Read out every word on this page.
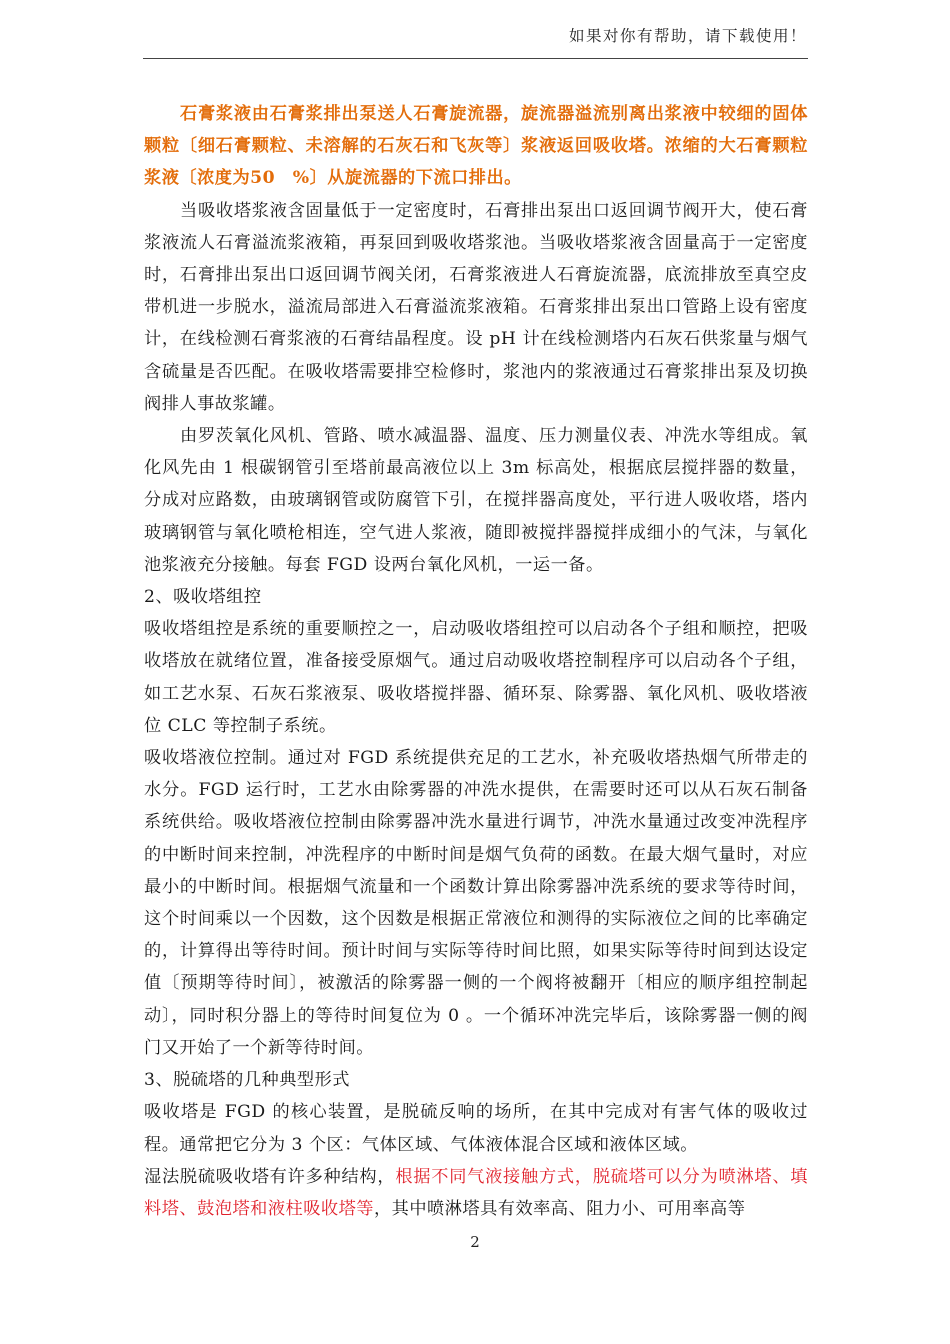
如果对你有帮助，请下载使用！

石膏浆液由石膏浆排出泵送人石膏旋流器，旋流器溢流别离出浆液中较细的固体颗粒〔细石膏颗粒、未溶解的石灰石和飞灰等〕浆液返回吸收塔。浓缩的大石膏颗粒浆液〔浓度为50　%〕从旋流器的下流口排出。

当吸收塔浆液含固量低于一定密度时，石膏排出泵出口返回调节阀开大，使石膏浆液流人石膏溢流浆液箱，再泵回到吸收塔浆池。当吸收塔浆液含固量高于一定密度时，石膏排出泵出口返回调节阀关闭，石膏浆液进人石膏旋流器，底流排放至真空皮带机进一步脱水，溢流局部进入石膏溢流浆液箱。石膏浆排出泵出口管路上设有密度计，在线检测石膏浆液的石膏结晶程度。设 pH 计在线检测塔内石灰石供浆量与烟气含硫量是否匹配。在吸收塔需要排空检修时，浆池内的浆液通过石膏浆排出泵及切换阀排人事故浆罐。

由罗茨氧化风机、管路、喷水减温器、温度、压力测量仪表、冲洗水等组成。氧化风先由 1 根碳钢管引至塔前最高液位以上 3m 标高处，根据底层搅拌器的数量，分成对应路数，由玻璃钢管或防腐管下引，在搅拌器高度处，平行进人吸收塔，塔内玻璃钢管与氧化喷枪相连，空气进人浆液，随即被搅拌器搅拌成细小的气沫，与氧化池浆液充分接触。每套 FGD 设两台氧化风机，一运一备。

2、吸收塔组控

吸收塔组控是系统的重要顺控之一，启动吸收塔组控可以启动各个子组和顺控，把吸收塔放在就绪位置，准备接受原烟气。通过启动吸收塔控制程序可以启动各个子组，如工艺水泵、石灰石浆液泵、吸收塔搅拌器、循环泵、除雾器、氧化风机、吸收塔液位 CLC 等控制子系统。

吸收塔液位控制。通过对 FGD 系统提供充足的工艺水，补充吸收塔热烟气所带走的水分。FGD 运行时，工艺水由除雾器的冲洗水提供，在需要时还可以从石灰石制备系统供给。吸收塔液位控制由除雾器冲洗水量进行调节，冲洗水量通过改变冲洗程序的中断时间来控制，冲洗程序的中断时间是烟气负荷的函数。在最大烟气量时，对应最小的中断时间。根据烟气流量和一个函数计算出除雾器冲洗系统的要求等待时间，这个时间乘以一个因数，这个因数是根据正常液位和测得的实际液位之间的比率确定的，计算得出等待时间。预计时间与实际等待时间比照，如果实际等待时间到达设定值〔预期等待时间〕，被激活的除雾器一侧的一个阀将被翻开〔相应的顺序组控制起动〕，同时积分器上的等待时间复位为 0 。一个循环冲洗完毕后，该除雾器一侧的阀门又开始了一个新等待时间。

3、脱硫塔的几种典型形式

吸收塔是 FGD 的核心装置，是脱硫反响的场所，在其中完成对有害气体的吸收过程。通常把它分为 3 个区：气体区域、气体液体混合区域和液体区域。

湿法脱硫吸收塔有许多种结构，根据不同气液接触方式，脱硫塔可以分为喷淋塔、填料塔、鼓泡塔和液柱吸收塔等，其中喷淋塔具有效率高、阻力小、可用率高等

2
